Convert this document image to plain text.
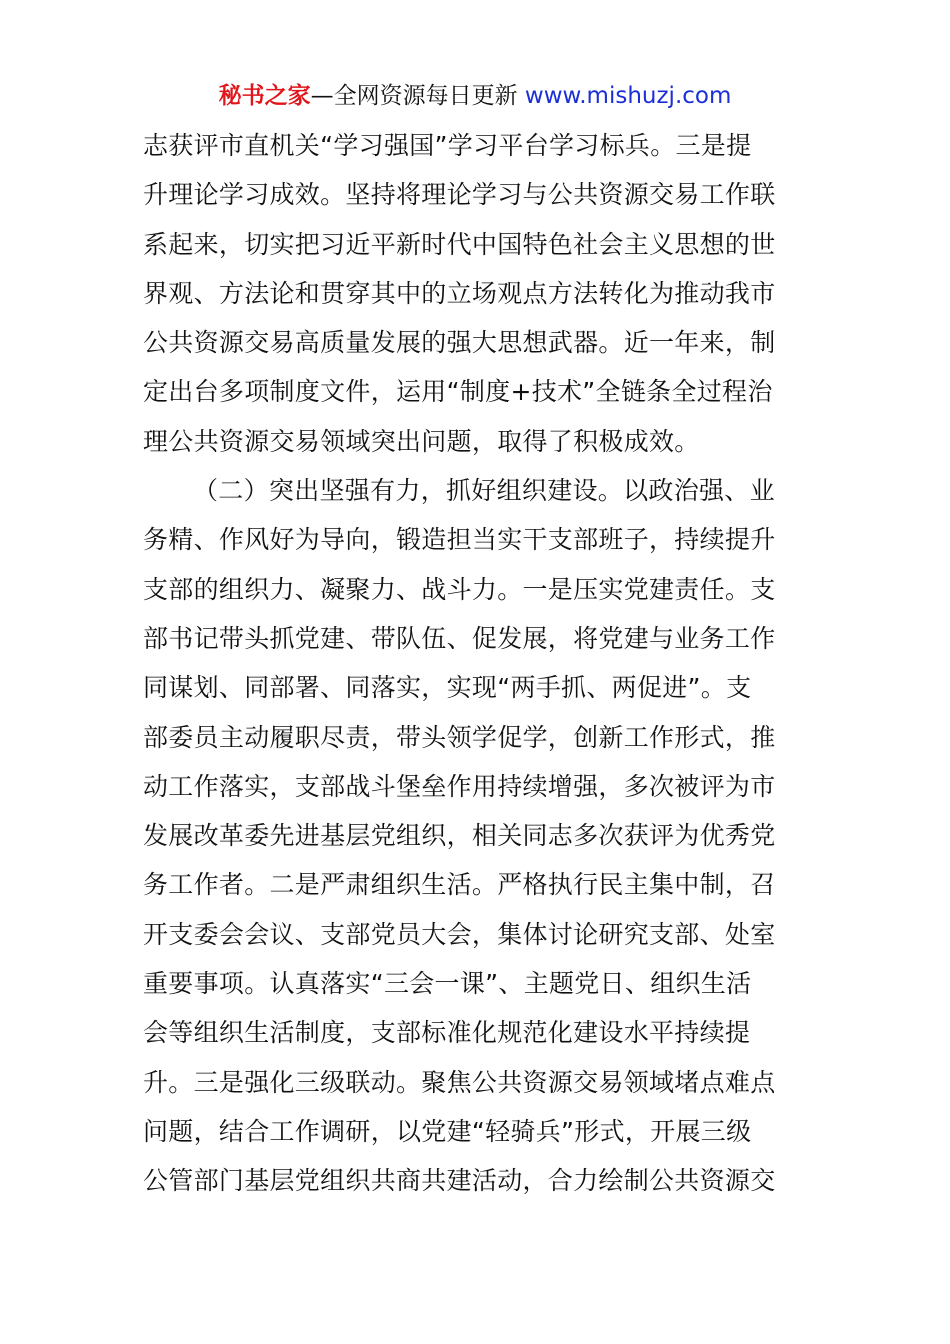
秘书之家—全网资源每日更新 www.mishuzj.com
志获评市直机关“学习强国”学习平台学习标兵。三是提
升理论学习成效。坚持将理论学习与公共资源交易工作联
系起来，切实把习近平新时代中国特色社会主义思想的世
界观、方法论和贯穿其中的立场观点方法转化为推动我市
公共资源交易高质量发展的强大思想武器。近一年来，制
定出台多项制度文件，运用“制度+技术”全链条全过程治
理公共资源交易领域突出问题，取得了积极成效。
（二）突出坚强有力，抓好组织建设。以政治强、业
务精、作风好为导向，锻造担当实干支部班子，持续提升
支部的组织力、凝聚力、战斗力。一是压实党建责任。支
部书记带头抓党建、带队伍、促发展，将党建与业务工作
同谋划、同部署、同落实，实现“两手抓、两促进”。支
部委员主动履职尽责，带头领学促学，创新工作形式，推
动工作落实，支部战斗堡垒作用持续增强，多次被评为市
发展改革委先进基层党组织，相关同志多次获评为优秀党
务工作者。二是严肃组织生活。严格执行民主集中制，召
开支委会会议、支部党员大会，集体讨论研究支部、处室
重要事项。认真落实“三会一课”、主题党日、组织生活
会等组织生活制度，支部标准化规范化建设水平持续提
升。三是强化三级联动。聚焦公共资源交易领域堵点难点
问题，结合工作调研，以党建“轻骑兵”形式，开展三级
公管部门基层党组织共商共建活动，合力绘制公共资源交
